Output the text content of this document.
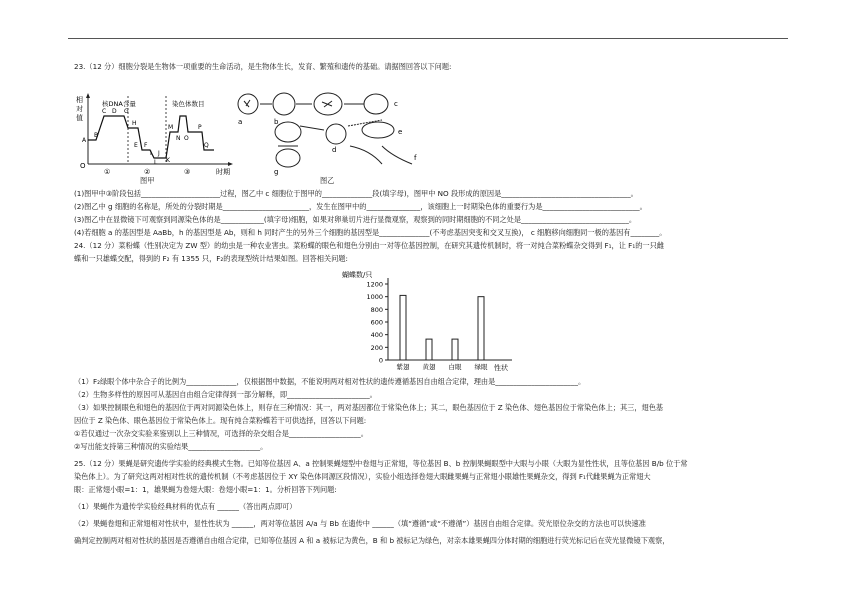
23.（12 分）细胞分裂是生物体一项重要的生命活动，是生物体生长，发育、繁殖和遗传的基础。请据图回答以下问题:
相
对
值
O
时期
核DNA含量	染色体数目
A
B
C D G
H
E F
I J
K
L
M
N O
P
Q
①	②	③
图甲
a	b
c
g
d
e
f
图乙
(1)图甲中③阶段包括______________________过程，图乙中 c 细胞位于图甲的______________段(填字母)，图甲中 NO 段形成的原因是____________________________________。
(2)图乙中 g 细胞的名称是，所处的分裂时期是________________________，发生在图甲中的_______________，该细胞上一时期染色体的重要行为是___________________________。
(3)图乙中在显微镜下可观察到同源染色体的是____________(填字母)细胞，如果对卵巢切片进行显微观察，观察到的同时期细胞的不同之处是______________________________。
(4)若细胞 a 的基因型是 AaBb，h 的基因型是 Ab，则和 h 同时产生的另外三个细胞的基因型是______________(不考虑基因突变和交叉互换)， c 细胞移向细胞同一极的基因有________。
24.（12 分）菜粉蝶（性别决定为 ZW 型）的幼虫是一种农业害虫。菜粉蝶的眼色和翅色分别由一对等位基因控制，在研究其遗传机制时，将一对纯合菜粉蝶杂交得到 F₁，让 F₁的一只雌
蝶和一只雄蝶交配，得到的 F₂ 有 1355 只，F₂的表现型统计结果如图。回答相关问题:
蝴蝶数/只
0
200
400
600
800
1000
1200
紫翅 黄翅 白眼 绿眼 性状
（1）F₂绿眼个体中杂合子的比例为______________，仅根据图中数据，不能说明两对相对性状的遗传遵循基因自由组合定律，理由是_______________________。
（2）生物多样性的原因可从基因自由组合定律得到一部分解释，即_______________________。
（3）如果控制眼色和翅色的基因位于两对同源染色体上，则存在三种情况：其一，两对基因都位于常染色体上；其二，眼色基因位于 Z 染色体、翅色基因位于常染色体上；其三，翅色基
因位于 Z 染色体、眼色基因位于常染色体上。现有纯合菜粉蝶若干可供选择，回答以下问题:
①若仅通过一次杂交实验来鉴别以上三种情况，可选择的杂交组合是____________________。
②写出能支持第三种情况的实验结果____________________。
25.（12 分）果蝇是研究遗传学实验的经典模式生物。已知等位基因 A、a 控制果蝇翅型中卷翅与正常翅，等位基因 B、b 控制果蝇眼型中大眼与小眼（大眼为显性性状，且等位基因 B/b 位于常
染色体上）。为了研究这两对相对性状的遗传机制（不考虑基因位于 XY 染色体同源区段情况），实验小组选择卷翅大眼雌果蝇与正常翅小眼雄性果蝇杂交，得到 F₁代雌果蝇为正常翅大
眼：正常翅小眼=1：1，雄果蝇为卷翅大眼：卷翅小眼=1：1。分析回答下列问题:
（1）果蝇作为遗传学实验经典材料的优点有 ______（答出两点即可）
（2）果蝇卷翅和正常翅相对性状中，显性性状为 ______，两对等位基因 A/a 与 Bb 在遗传中 ______（填“遵循”或“不遵循”）基因自由组合定律。荧光原位杂交的方法也可以快速准
确判定控制两对相对性状的基因是否遵循自由组合定律，已知等位基因 A 和 a 被标记为黄色，B 和 b 被标记为绿色，对亲本雄果蝇四分体时期的细胞进行荧光标记后在荧光显微镜下观察，
